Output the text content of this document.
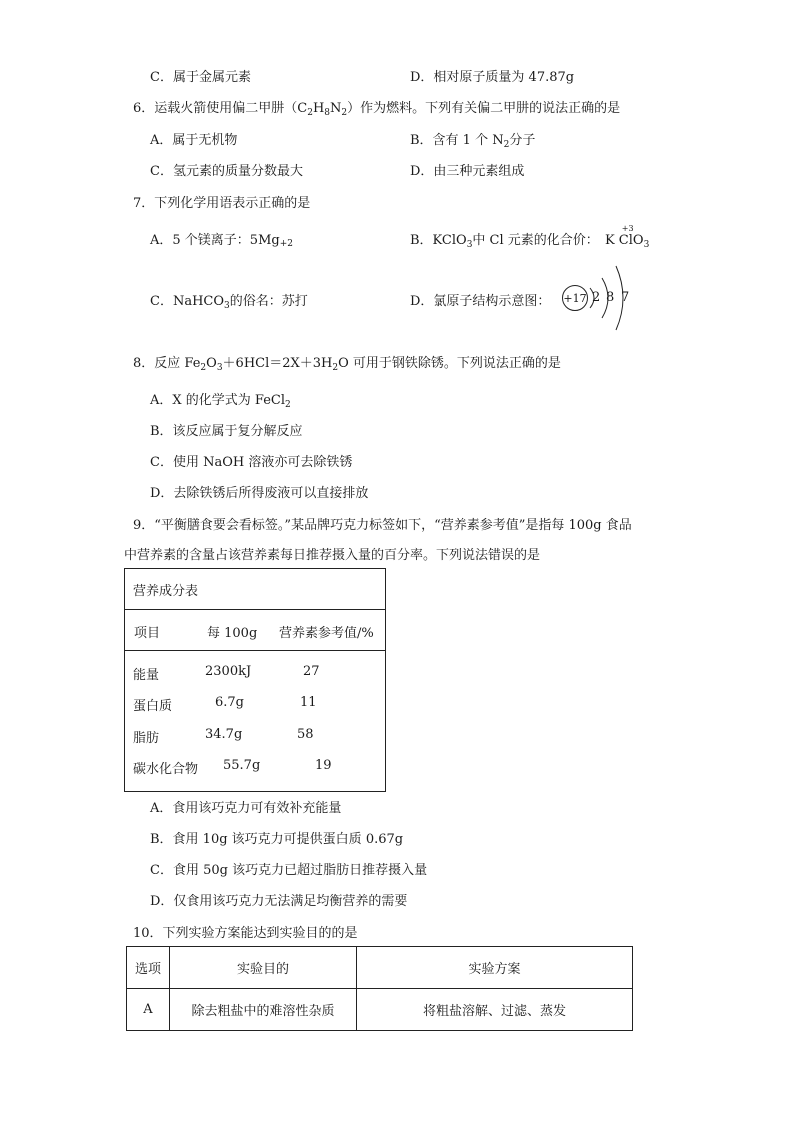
C．属于金属元素	D．相对原子质量为 47.87g
6．运载火箭使用偏二甲肼$(C_2H_8N_2)$作为燃料。下列有关偏二甲肼的说法正确的是
A．属于无机物	B．含有 1 个 $N_2$分子
C．氢元素的质量分数最大	D．由三种元素组成
7．下列化学用语表示正确的是
A．5 个镁离子：$5Mg_{+2}$	B．KClO$_3$中 Cl 元素的化合价： K
+3
ClO$_3$
C．NaHCO$_3$的俗名：苏打	D．氯原子结构示意图： +17 2 8 7
8．反应 $Fe_2O_3+6HCl=2X+3H_2O$ 可用于钢铁除锈。下列说法正确的是
A．X 的化学式为 FeCl$_2$
B．该反应属于复分解反应
C．使用 NaOH 溶液亦可去除铁锈
D．去除铁锈后所得废液可以直接排放
9．“平衡膳食要会看标签。”某品牌巧克力标签如下，“营养素参考值”是指每 100g 食品
中营养素的含量占该营养素每日推荐摄入量的百分率。下列说法错误的是
营养成分表

项目	每 100g 营养素参考值/%

能量	2300kJ	27
蛋白质	6.7g	11
脂肪	34.7g	58
碳水化合物 55.7g	19
A．食用该巧克力可有效补充能量
B．食用 10g 该巧克力可提供蛋白质 0.67g
C．食用 50g 该巧克力已超过脂肪日推荐摄入量
D．仅食用该巧克力无法满足均衡营养的需要
10．下列实验方案能达到实验目的的是
选项	实验目的	实验方案
A	除去粗盐中的难溶性杂质	将粗盐溶解、过滤、蒸发
